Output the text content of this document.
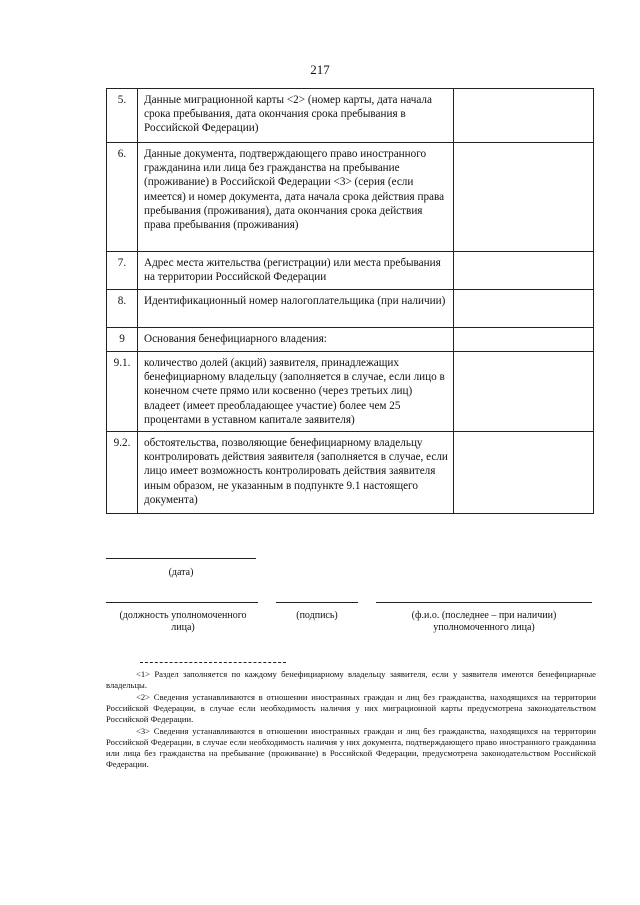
217
5.	Данные миграционной карты <2> (номер карты, дата начала срока пребывания, дата окончания срока пребывания в Российской Федерации)	
6.	Данные документа, подтверждающего право иностранного гражданина или лица без гражданства на пребывание (проживание) в Российской Федерации <3> (серия (если имеется) и номер документа, дата начала срока действия права пребывания (проживания), дата окончания срока действия права пребывания (проживания)	
7.	Адрес места жительства (регистрации) или места пребывания на территории Российской Федерации	
8.	Идентификационный номер налогоплательщика (при наличии)	
9	Основания бенефициарного владения:	
9.1.	количество долей (акций) заявителя, принадлежащих бенефициарному владельцу (заполняется в случае, если лицо в конечном счете прямо или косвенно (через третьих лиц) владеет (имеет преобладающее участие) более чем 25 процентами в уставном капитале заявителя)	
9.2.	обстоятельства, позволяющие бенефициарному владельцу контролировать действия заявителя (заполняется в случае, если лицо имеет возможность контролировать действия заявителя иным образом, не указанным в подпункте 9.1 настоящего документа)	
(дата)
(должность уполномоченного лица)
(подпись)	(ф.и.о. (последнее – при наличии) уполномоченного лица)

<1> Раздел заполняется по каждому бенефициарному владельцу заявителя, если у заявителя имеются бенефициарные владельцы.

<2> Сведения устанавливаются в отношении иностранных граждан и лиц без гражданства, находящихся на территории Российской Федерации, в случае если необходимость наличия у них миграционной карты предусмотрена законодательством Российской Федерации.

<3> Сведения устанавливаются в отношении иностранных граждан и лиц без гражданства, находящихся на территории Российской Федерации, в случае если необходимость наличия у них документа, подтверждающего право иностранного гражданина или лица без гражданства на пребывание (проживание) в Российской Федерации, предусмотрена законодательством Российской Федерации.
